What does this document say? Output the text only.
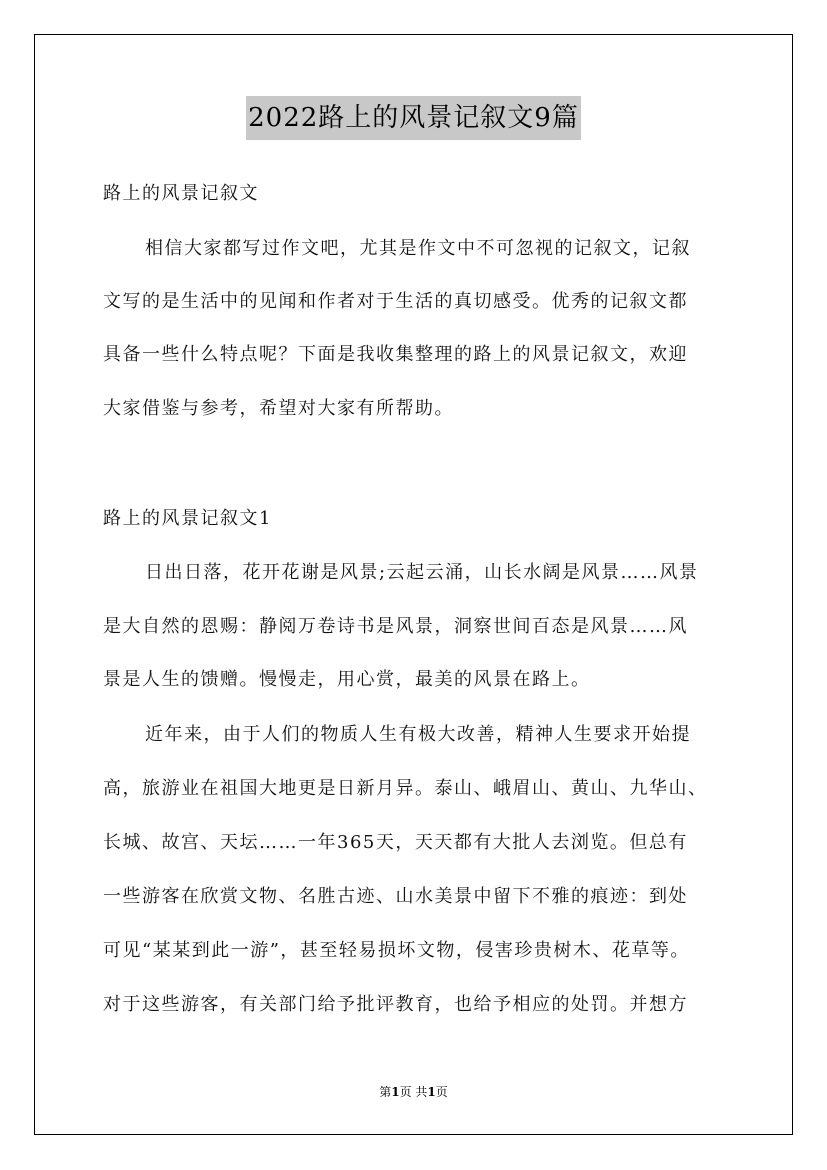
2022路上的风景记叙文9篇
路上的风景记叙文
相信大家都写过作文吧，尤其是作文中不可忽视的记叙文，记叙
文写的是生活中的见闻和作者对于生活的真切感受。优秀的记叙文都
具备一些什么特点呢？下面是我收集整理的路上的风景记叙文，欢迎
大家借鉴与参考，希望对大家有所帮助。
路上的风景记叙文1
日出日落，花开花谢是风景;云起云涌，山长水阔是风景……风景
是大自然的恩赐：静阅万卷诗书是风景，洞察世间百态是风景……风
景是人生的馈赠。慢慢走，用心赏，最美的风景在路上。
近年来，由于人们的物质人生有极大改善，精神人生要求开始提
高，旅游业在祖国大地更是日新月异。泰山、峨眉山、黄山、九华山、
长城、故宫、天坛……一年365天，天天都有大批人去浏览。但总有
一些游客在欣赏文物、名胜古迹、山水美景中留下不雅的痕迹：到处
可见“某某到此一游”，甚至轻易损坏文物，侵害珍贵树木、花草等。
对于这些游客，有关部门给予批评教育，也给予相应的处罚。并想方
第1页 共1页
